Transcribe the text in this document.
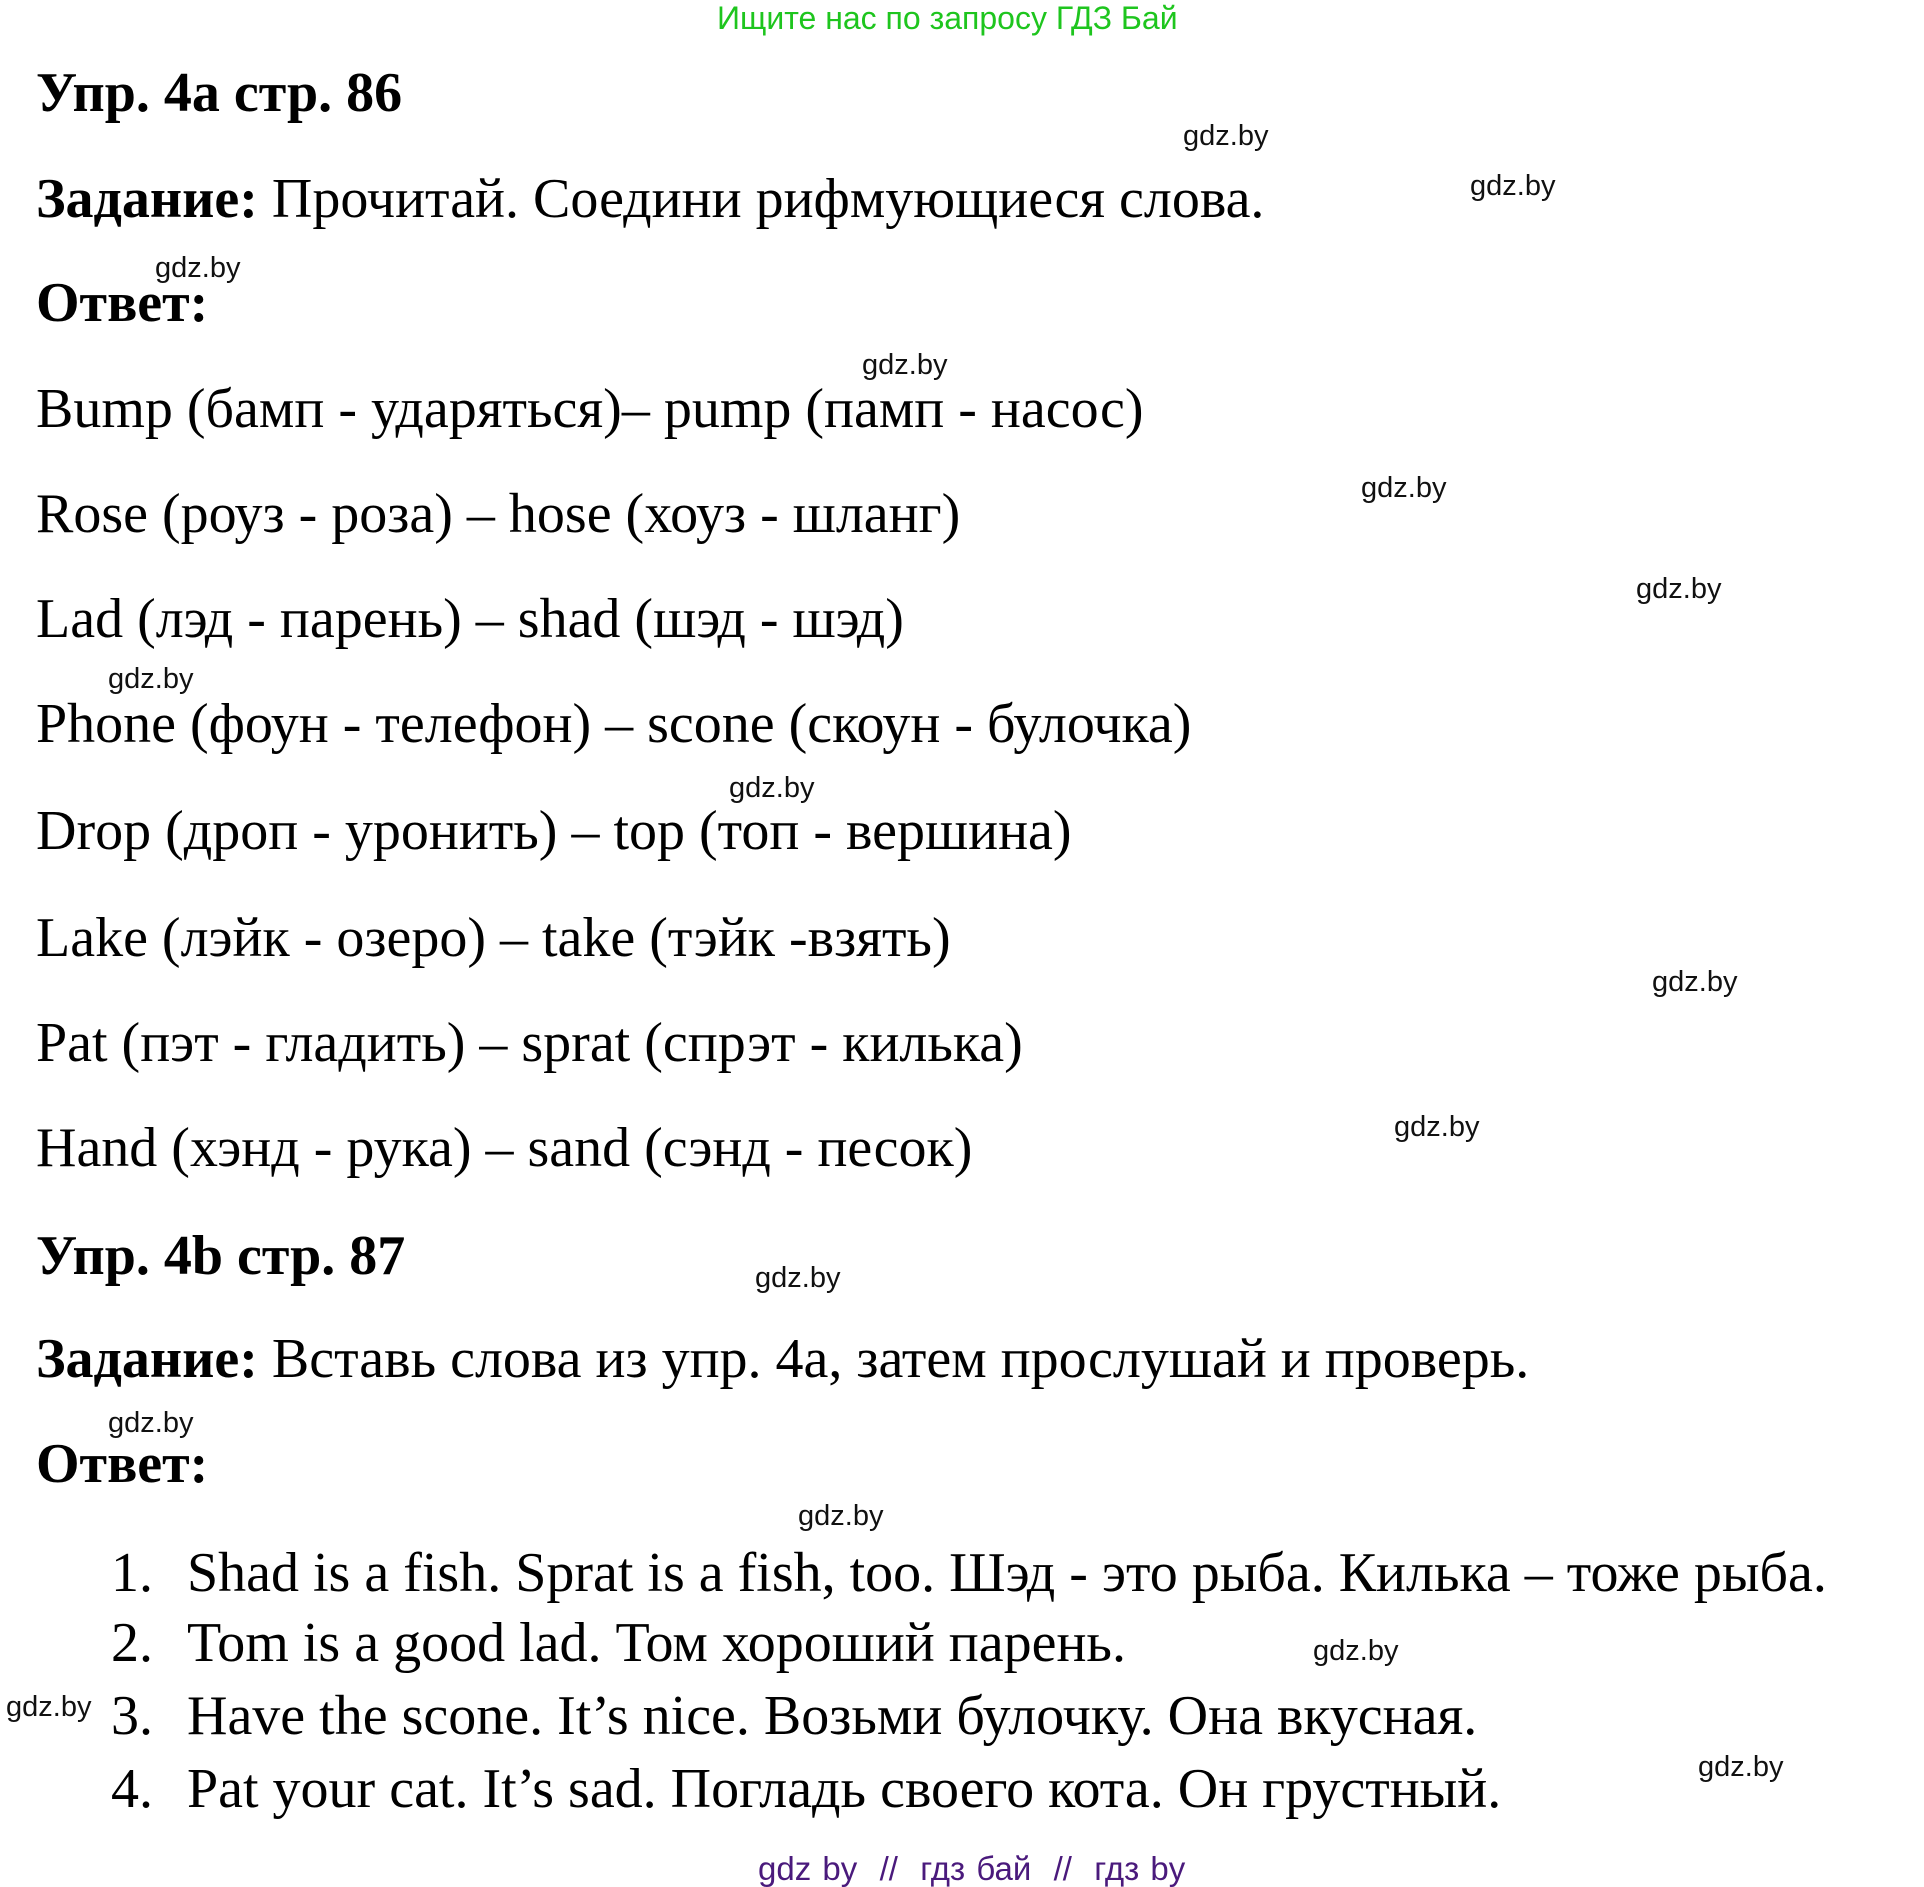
Ищите нас по запросу ГДЗ Бай
Упр. 4a стр. 86
Задание: Прочитай. Соедини рифмующиеся слова.
Ответ:
Bump (бамп - ударяться)– pump (памп - насос)
Rose (роуз - роза) – hose (хоуз - шланг)
Lad (лэд - парень) – shad (шэд - шэд)
Phone (фоун - телефон) – scone (скоун - булочка)
Drop (дроп - уронить) – top (топ - вершина)
Lake (лэйк - озеро) – take (тэйк -взять)
Pat (пэт - гладить) – sprat (спрэт - килька)
Hand (хэнд - рука) – sand (сэнд - песок)
Упр. 4b стр. 87
Задание: Вставь слова из упр. 4а, затем прослушай и проверь.
Ответ:
1. Shad is a fish. Sprat is a fish, too. Шэд - это рыба. Килька – тоже рыба.
2. Tom is a good lad. Том хороший парень.
3. Have the scone. It’s nice. Возьми булочку. Она вкусная.
4. Pat your cat. It’s sad. Погладь своего кота. Он грустный.
gdz.by
gdz.by
gdz.by
gdz.by
gdz.by
gdz.by
gdz.by
gdz.by
gdz.by
gdz.by
gdz.by
gdz.by
gdz.by
gdz.by
gdz.by
gdz.by
gdz by  //  гдз бай  //  гдз by
